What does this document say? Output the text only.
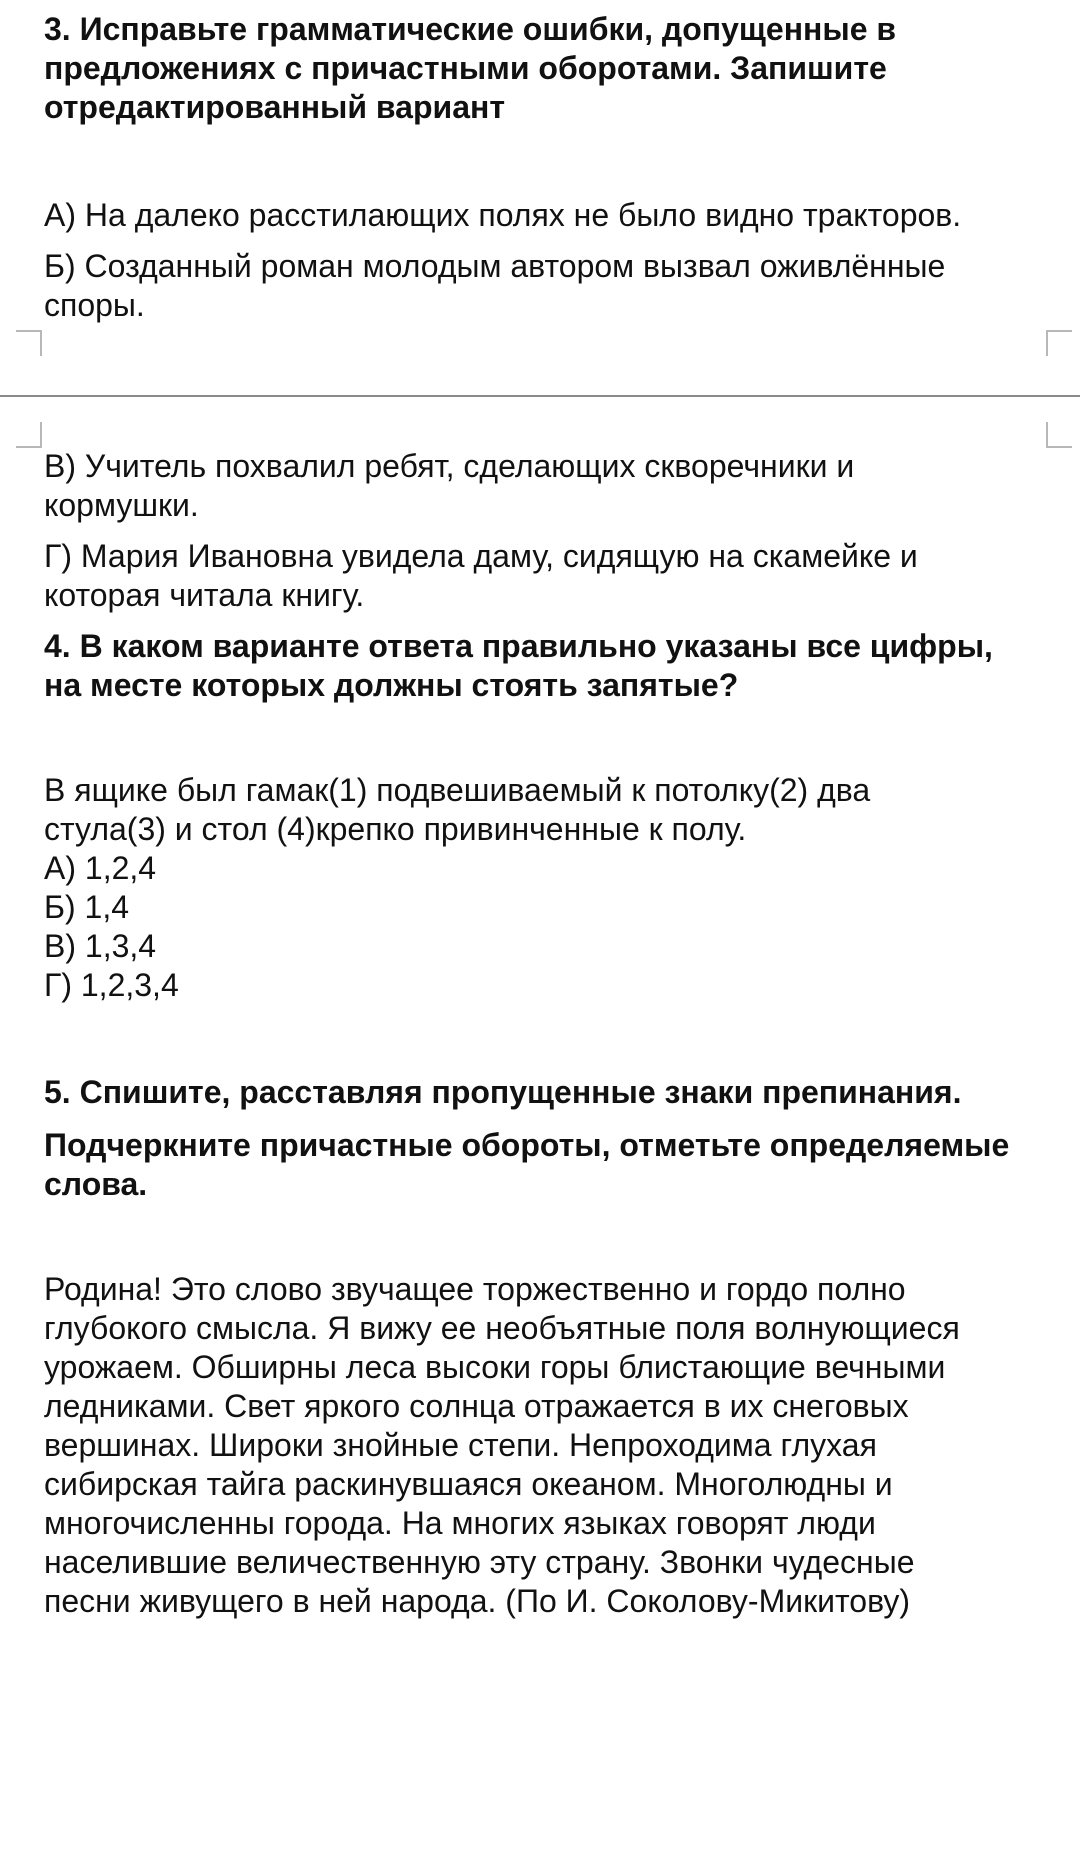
3. Исправьте грамматические ошибки, допущенные в

предложениях с причастными оборотами. Запишите

отредактированный вариант

А) На далеко расстилающих полях не было видно тракторов.

Б) Созданный роман молодым автором вызвал оживлённые

споры.

В) Учитель похвалил ребят, сделающих скворечники и

кормушки.

Г) Мария Ивановна увидела даму, сидящую на скамейке и

которая читала книгу.

4. В каком варианте ответа правильно указаны все цифры,

на месте которых должны стоять запятые?

В ящике был гамак(1) подвешиваемый к потолку(2) два

стула(3) и стол (4)крепко привинченные к полу.

А) 1,2,4

Б) 1,4

В) 1,3,4

Г) 1,2,3,4

5. Спишите, расставляя пропущенные знаки препинания.

Подчеркните причастные обороты, отметьте определяемые

слова.

Родина! Это слово звучащее торжественно и гордо полно

глубокого смысла. Я вижу ее необъятные поля волнующиеся

урожаем. Обширны леса высоки горы блистающие вечными

ледниками. Свет яркого солнца отражается в их снеговых

вершинах. Широки знойные степи. Непроходима глухая

сибирская тайга раскинувшаяся океаном. Многолюдны и

многочисленны города. На многих языках говорят люди

населившие величественную эту страну. Звонки чудесные

песни живущего в ней народа. (По И. Соколову-Микитову)
